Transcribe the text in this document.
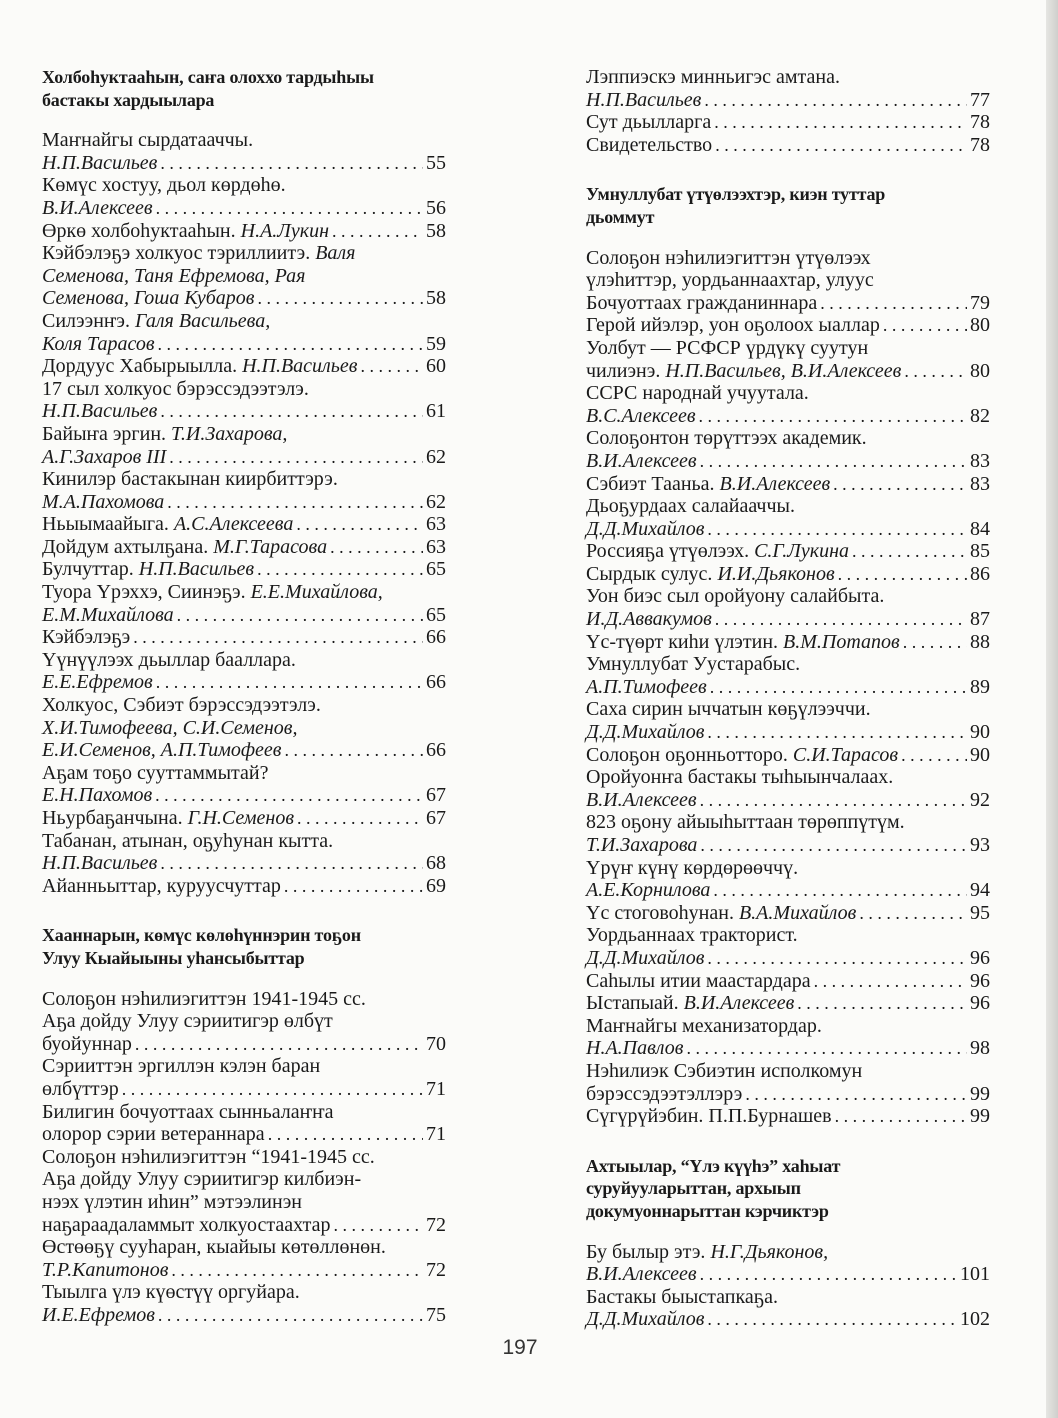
Холбоһуктааһын, саҥа олоххо тардыһыы
бастакы хардыылара
Маҥнайгы сырдатааччы.
Н.П.Васильев . . .	55
Көмүс хостуу, дьол көрдөһө.
В.И.Алексеев . . .	56
Өркө холбоһуктааһын.
Н.А.Лукин . . .	58
Кэйбэлэҕэ холкуос тэриллиитэ.
Валя
Семенова, Таня Ефремова, Рая
Семенова, Гоша Кубаров . . .	58
Силээнҥэ.
Галя Васильева,
Коля Тарасов . . .	59
Дордуус Хабырыылла.
Н.П.Васильев . . .	60
17 сыл холкуос бэрэссэдээтэлэ.
Н.П.Васильев . . .	61
Байыҥа эргин.
Т.И.Захарова,
А.Г.Захаров III . . .	62
Кинилэр бастакынан киирбиттэрэ.
М.А.Пахомова . . .	62
Ньыымаайыга.
А.С.Алексеева . . .	63
Дойдум ахтылҕана.
М.Г.Тарасова . . .	63
Булчуттар.
Н.П.Васильев . . .	65
Туора Үрэххэ, Сиинэҕэ.
Е.Е.Михайлова,
Е.М.Михайлова . . .	65
Кэйбэлэҕэ . . .	66
Үүнүүлээх дьыллар бааллара.
Е.Е.Ефремов . . .	66
Холкуос, Сэбиэт бэрэссэдээтэлэ.
Х.И.Тимофеева, С.И.Семенов,
Е.И.Семенов, А.П.Тимофеев . . .	66
Аҕам тоҕо сууттаммытай?
Е.Н.Пахомов . . .	67
Ньурбаҕанчына.
Г.Н.Семенов . . .	67
Табанан, атынан, оҕуһунан кытта.
Н.П.Васильев . . .	68
Айанньыттар, куруусчуттар . . .	69
Хааннарын, көмүс көлөһүннэрин тоҕон
Улуу Кыайыыны уһансыбыттар
Солоҕон нэһилиэгиттэн 1941-1945 сс.
Аҕа дойду Улуу сэриитигэр өлбүт
буойуннар . . .	70
Сэрииттэн эргиллэн кэлэн баран
өлбүттэр . . .	71
Билигин бочуоттаах сынньалаҥҥа
олорор сэрии ветераннара . . .	71
Солоҕон нэһилиэгиттэн “1941-1945 сс.
Аҕа дойду Улуу сэриитигэр килбиэн-
нээх үлэтин иһин” мэтээлинэн
наҕараадаламмыт холкуостаахтар . . .	72
Өстөөҕү сууһаран, кыайыы көтөллөнөн.
Т.Р.Капитонов . . .	72
Тыылга үлэ күөстүү оргуйара.
И.Е.Ефремов . . .	75
Лэппиэскэ минньигэс амтана.
Н.П.Васильев . . .	77
Сут дьылларга . . .	78
Свидетельство . . .	78
Умнуллубат үтүөлээхтэр, киэн туттар
дьоммут
Солоҕон нэһилиэгиттэн үтүөлээх
үлэһиттэр, уордьаннаахтар, улуус
Бочуоттаах гражданиннара . . .	79
Герой ийэлэр, уон оҕолоох ыаллар . . .	80
Уолбут — РСФСР үрдүкү суутун
чилиэнэ.
Н.П.Васильев, В.И.Алексеев . . .	80
ССРС народнай учуутала.
В.С.Алексеев . . .	82
Солоҕонтон төрүттээх академик.
В.И.Алексеев . . .	83
Сэбиэт Тааньа.
В.И.Алексеев . . .	83
Дьоҕурдаах салайааччы.
Д.Д.Михайлов . . .	84
Россияҕа үтүөлээх.
С.Г.Лукина . . .	85
Сырдык сулус.
И.И.Дьяконов . . .	86
Уон биэс сыл оройуону салайбыта.
И.Д.Аввакумов . . .	87
Үс-түөрт киһи үлэтин.
В.М.Потапов . . .	88
Умнуллубат Уустарабыс.
А.П.Тимофеев . . .	89
Саха сирин ыччатын көҕүлээччи.
Д.Д.Михайлов . . .	90
Солоҕон оҕонньотторо.
С.И.Тарасов . . .	90
Оройуонҥа бастакы тыһыынчалаах.
В.И.Алексеев . . .	92
823 оҕону айыыһыттаан төрөппүтүм.
Т.И.Захарова . . .	93
Үрүҥ күнү көрдөрөөччү.
А.Е.Корнилова . . .	94
Үс стоговоһунан.
В.А.Михайлов . . .	95
Уордьаннаах тракторист.
Д.Д.Михайлов . . .	96
Саһылы итии маастардара . . .	96
Ыстапыай.
В.И.Алексеев . . .	96
Маҥнайгы механизатордар.
Н.А.Павлов . . .	98
Нэһилиэк Сэбиэтин исполкомун
бэрэссэдээтэллэрэ . . .	99
Сүгүрүйэбин. П.П.Бурнашев . . .	99
Ахтыылар, “Үлэ күүһэ” хаһыат
суруйууларыттан, архыып
докумуоннарыттан кэрчиктэр
Бу былыр этэ.
Н.Г.Дьяконов,
В.И.Алексеев . . .	101
Бастакы быыстапкаҕа.
Д.Д.Михайлов . . .	102
197
